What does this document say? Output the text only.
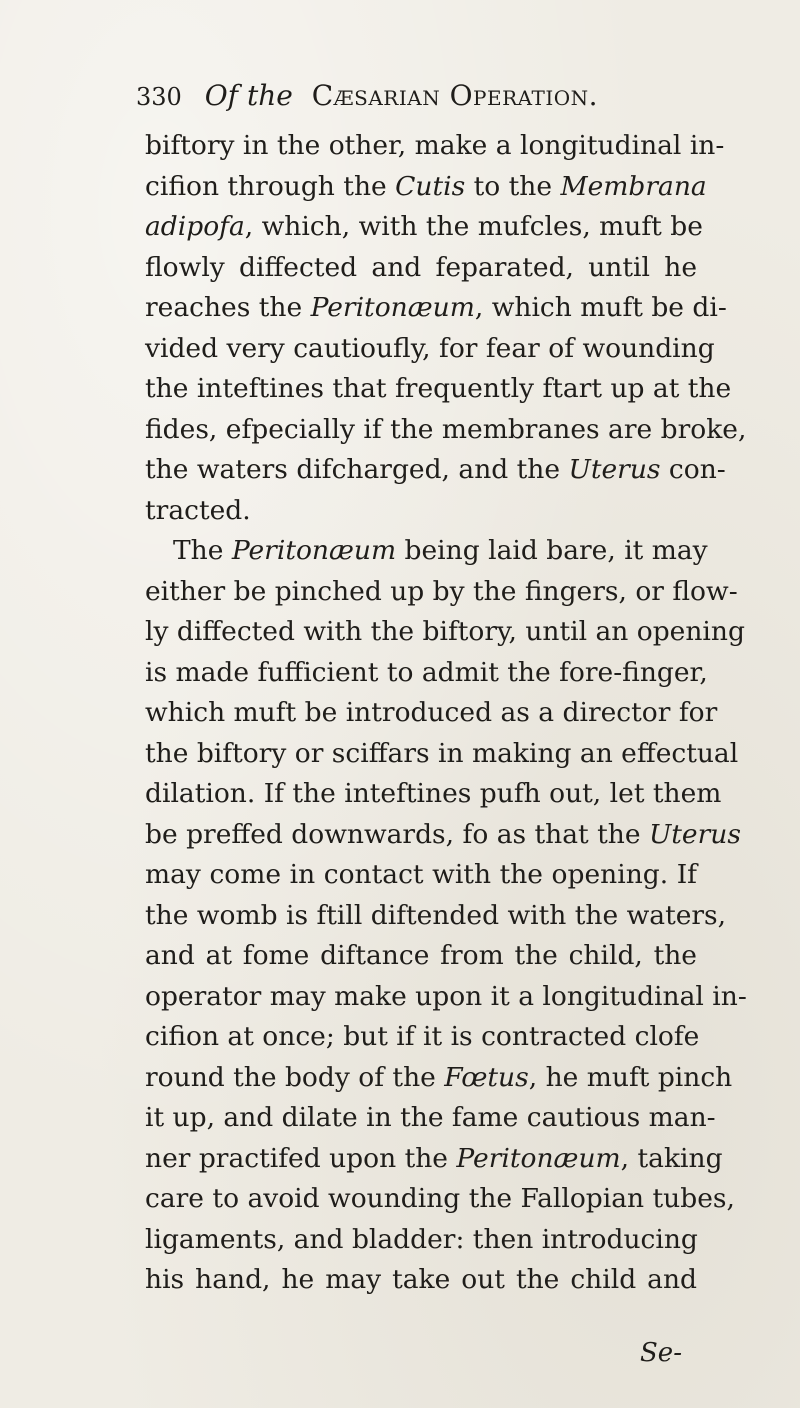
330 Of the Cæsarian Operation.
biftory in the other, make a longitudinal in-
cifion through the Cutis to the Membrana
adipofa, which, with the mufcles, muft be
flowly diffected and feparated, until he
reaches the Peritonæum, which muft be di-
vided very cautioufly, for fear of wounding
the inteftines that frequently ftart up at the
fides, efpecially if the membranes are broke,
the waters difcharged, and the Uterus con-
tracted.
The Peritonæum being laid bare, it may
either be pinched up by the fingers, or flow-
ly diffected with the biftory, until an opening
is made fufficient to admit the fore-finger,
which muft be introduced as a director for
the biftory or sciffars in making an effectual
dilation. If the inteftines pufh out, let them
be preffed downwards, fo as that the Uterus
may come in contact with the opening. If
the womb is ftill diftended with the waters,
and at fome diftance from the child, the
operator may make upon it a longitudinal in-
cifion at once; but if it is contracted clofe
round the body of the Fœtus, he muft pinch
it up, and dilate in the fame cautious man-
ner practifed upon the Peritonæum, taking
care to avoid wounding the Fallopian tubes,
ligaments, and bladder: then introducing
his hand, he may take out the child and
Se-
